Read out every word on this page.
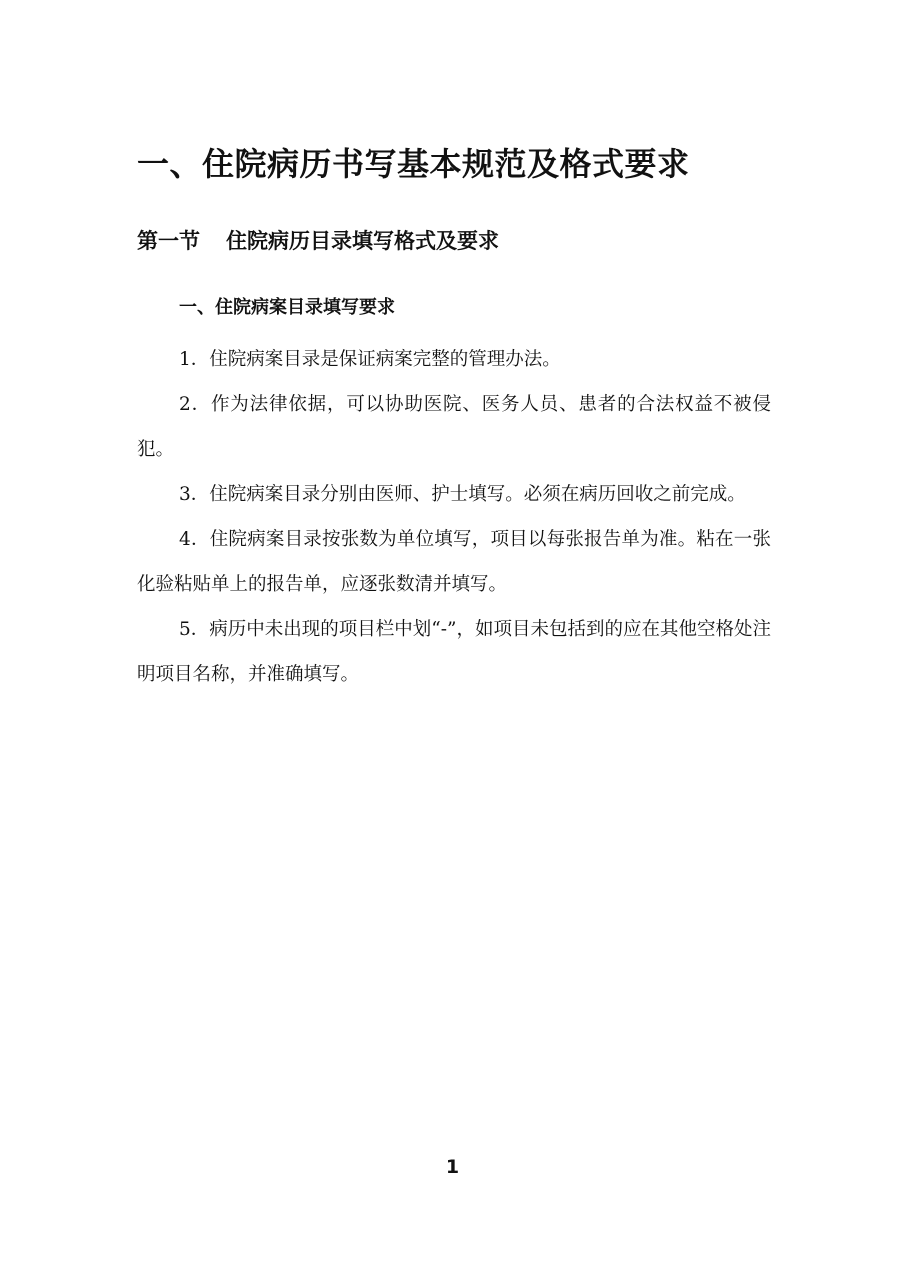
一、住院病历书写基本规范及格式要求
第一节 住院病历目录填写格式及要求
一、住院病案目录填写要求

1．住院病案目录是保证病案完整的管理办法。

2．作为法律依据，可以协助医院、医务人员、患者的合法权益不被侵犯。

3．住院病案目录分别由医师、护士填写。必须在病历回收之前完成。

4．住院病案目录按张数为单位填写，项目以每张报告单为准。粘在一张化验粘贴单上的报告单，应逐张数清并填写。

5．病历中未出现的项目栏中划“-”，如项目未包括到的应在其他空格处注明项目名称，并准确填写。

1
